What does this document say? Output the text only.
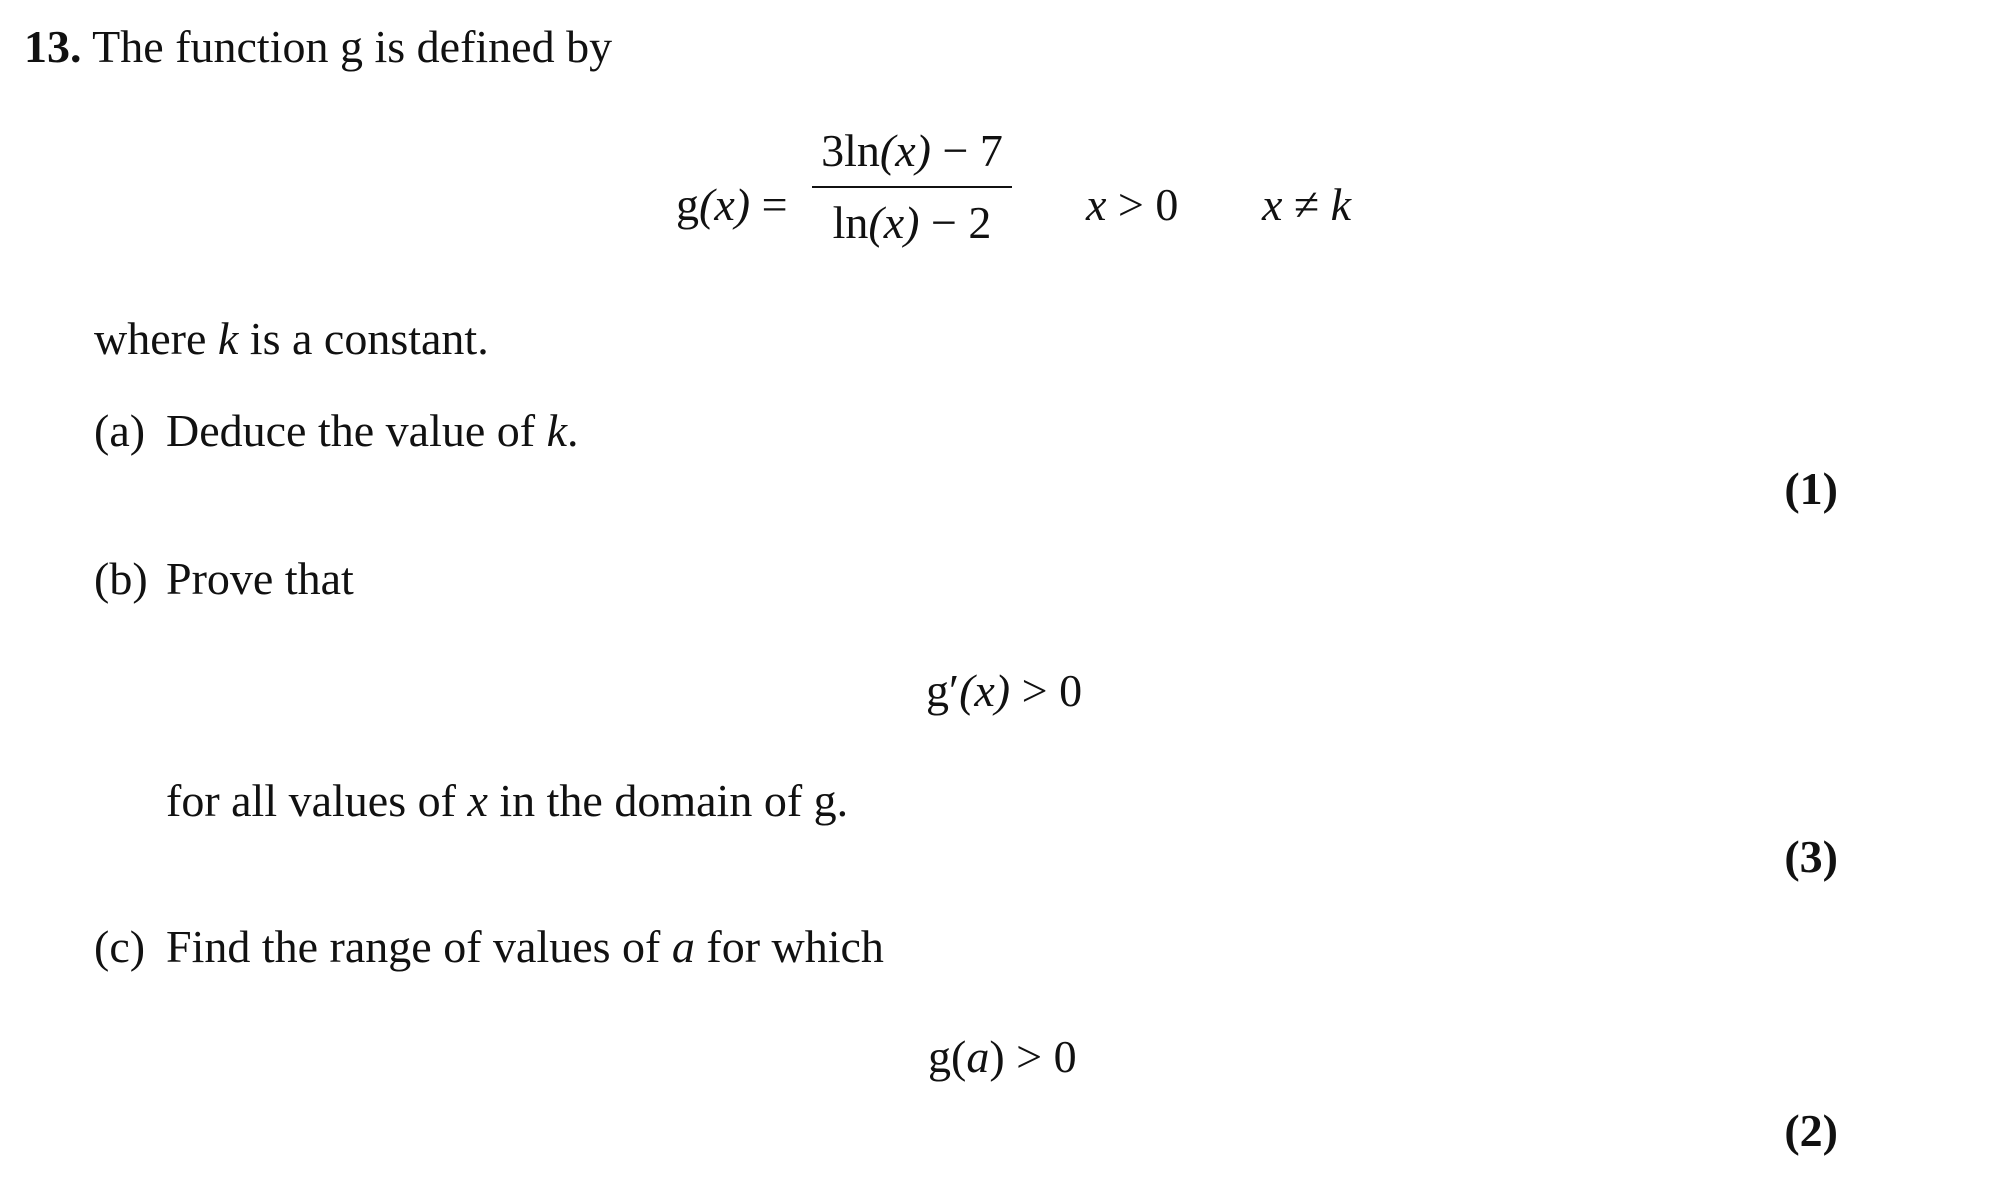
13. The function g is defined by
g(x) =
3ln(x) − 7
ln(x) − 2	x > 0 x ≠ k
where k is a constant.
(a) Deduce the value of k.
(1)
(b) Prove that
g′(x) > 0
for all values of x in the domain of g.
(3)
(c) Find the range of values of a for which
g(a) > 0
(2)
